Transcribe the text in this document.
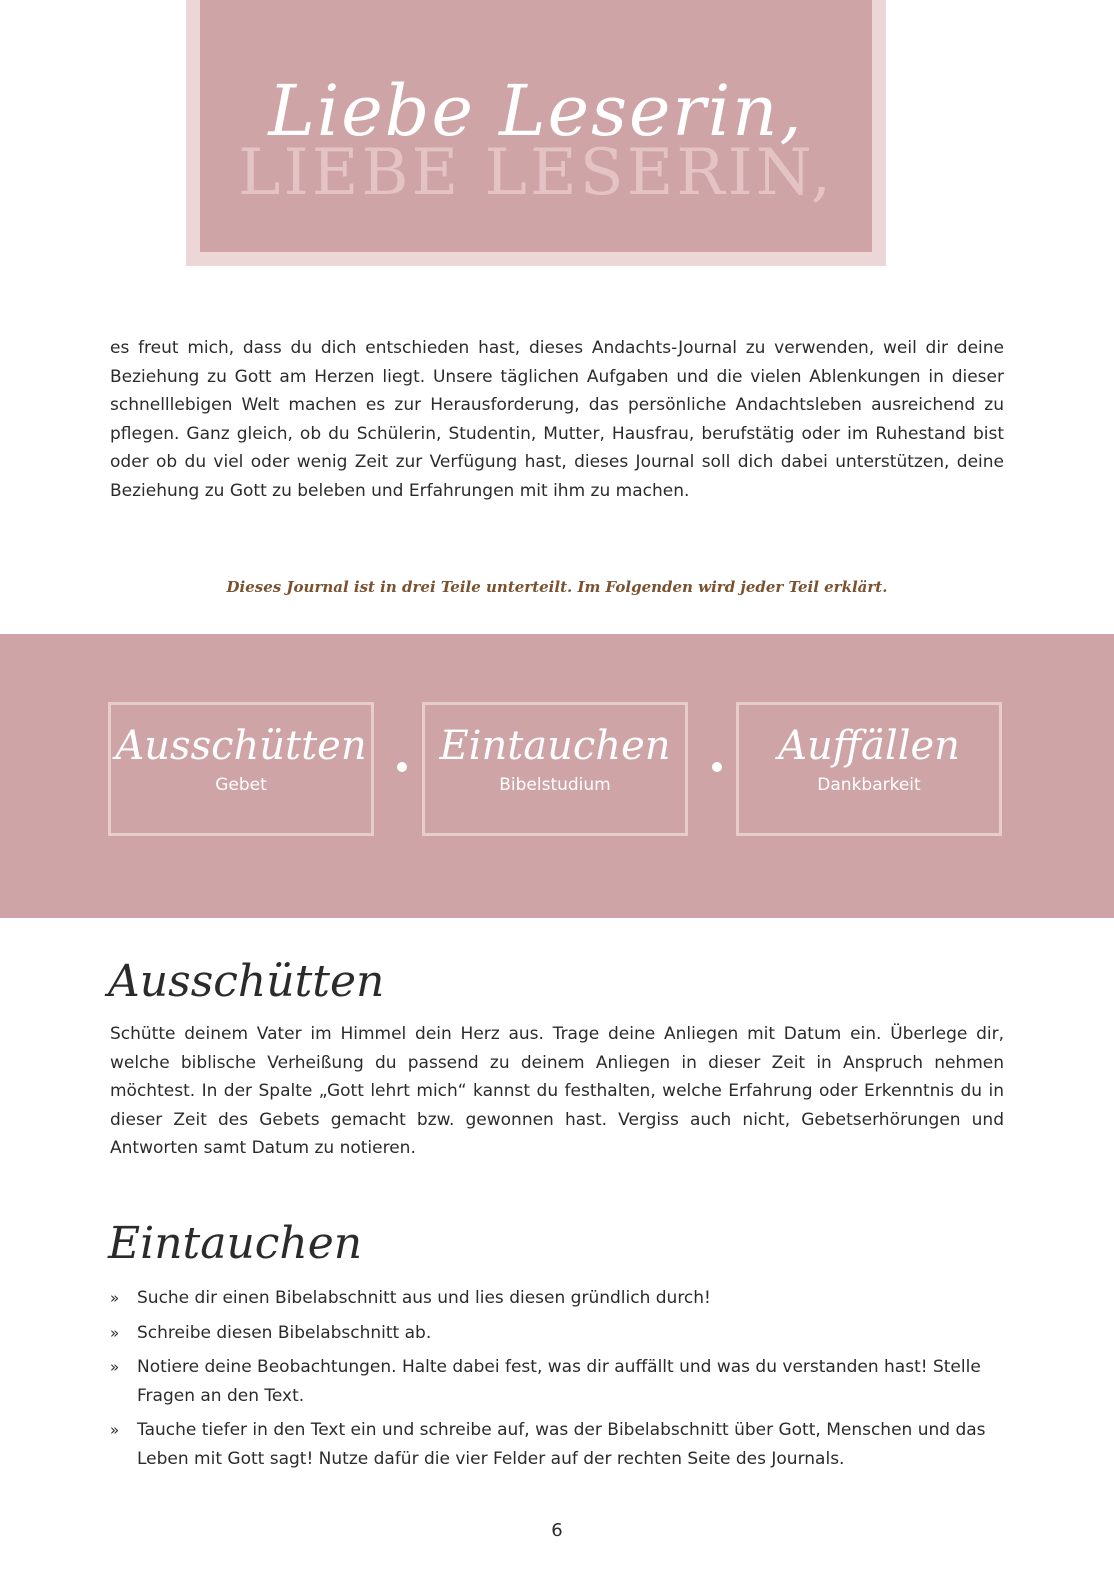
LIEBE LESERIN,
Liebe Leserin,

es freut mich, dass du dich entschieden hast, dieses Andachts-Journal zu verwenden, weil dir deine Beziehung zu Gott am Herzen liegt. Unsere täglichen Aufgaben und die vielen Ablenkungen in dieser schnelllebigen Welt machen es zur Herausforderung, das persönliche Andachtsleben ausreichend zu pflegen. Ganz gleich, ob du Schülerin, Studentin, Mutter, Hausfrau, berufstätig oder im Ruhestand bist oder ob du viel oder wenig Zeit zur Verfügung hast, dieses Journal soll dich dabei unterstützen, deine Beziehung zu Gott zu beleben und Erfahrungen mit ihm zu machen.

Dieses Journal ist in drei Teile unterteilt. Im Folgenden wird jeder Teil erklärt.

Ausschütten
Gebet
Eintauchen
Bibelstudium
Auffällen
Dankbarkeit
Ausschütten

Schütte deinem Vater im Himmel dein Herz aus. Trage deine Anliegen mit Datum ein. Überlege dir, welche biblische Verheißung du passend zu deinem Anliegen in dieser Zeit in Anspruch nehmen möchtest. In der Spalte „Gott lehrt mich“ kannst du festhalten, welche Erfahrung oder Erkenntnis du in dieser Zeit des Gebets gemacht bzw. gewonnen hast. Vergiss auch nicht, Gebetserhörungen und Antworten samt Datum zu notieren.

Eintauchen
» Suche dir einen Bibelabschnitt aus und lies diesen gründlich durch!
» Schreibe diesen Bibelabschnitt ab.
» Notiere deine Beobachtungen. Halte dabei fest, was dir auffällt und was du verstanden hast! Stelle Fragen an den Text.
» Tauche tiefer in den Text ein und schreibe auf, was der Bibelabschnitt über Gott, Menschen und das Leben mit Gott sagt! Nutze dafür die vier Felder auf der rechten Seite des Journals.

6
